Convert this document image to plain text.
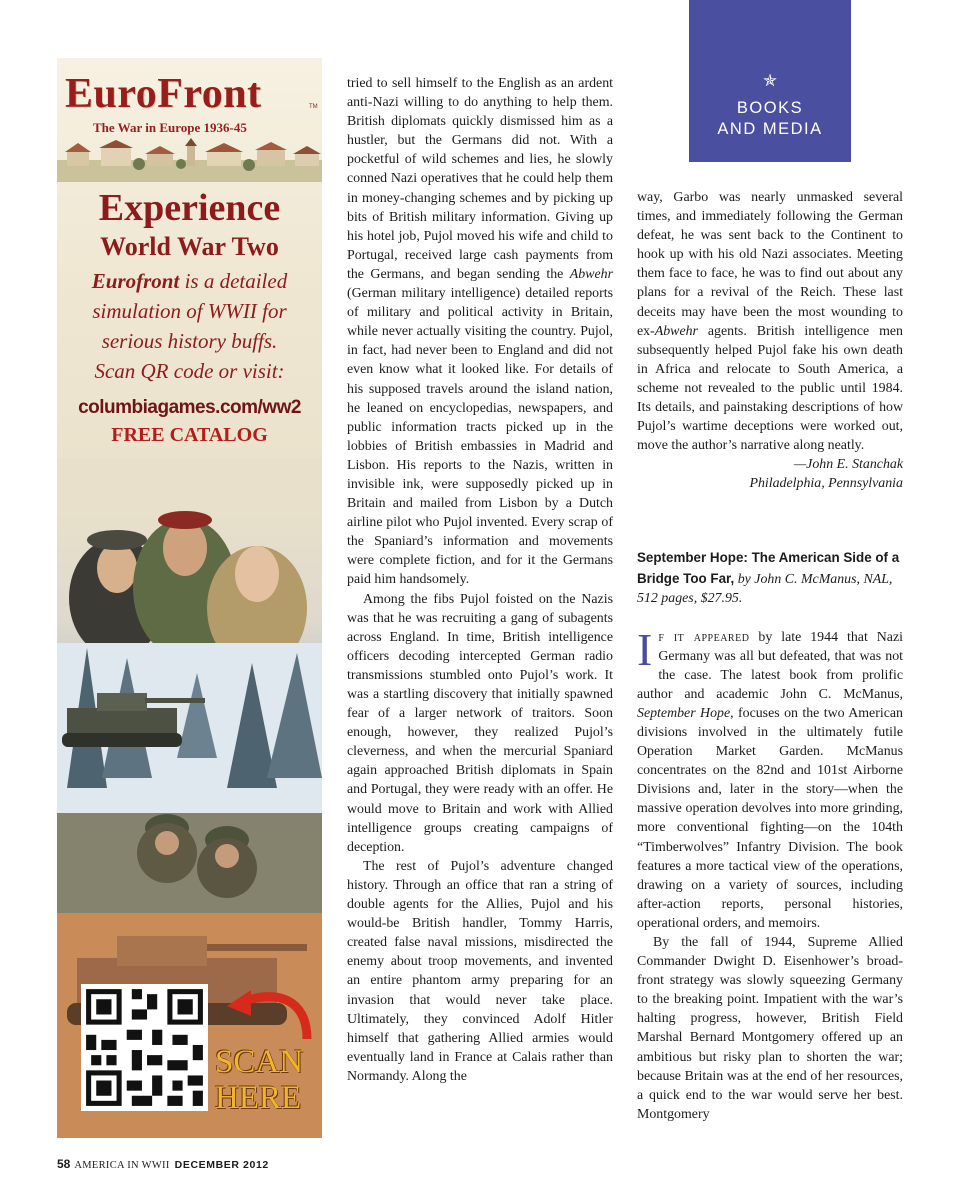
EuroFront	TM
The War in Europe 1936-45
Experience
World War Two
Eurofront is a detailed simulation of WWII for serious history buffs.
Scan QR code or visit:
columbiagames.com/ww2
FREE CATALOG
SCAN
HERE
✯
BOOKS
AND MEDIA

tried to sell himself to the English as an ardent anti-Nazi willing to do anything to help them. British diplomats quickly dismissed him as a hustler, but the Germans did not. With a pocketful of wild schemes and lies, he slowly conned Nazi operatives that he could help them in money-changing schemes and by picking up bits of British military information. Giving up his hotel job, Pujol moved his wife and child to Portugal, received large cash payments from the Germans, and began sending the Abwehr (German military intelligence) detailed reports of military and political activity in Britain, while never actually visiting the country. Pujol, in fact, had never been to England and did not even know what it looked like. For details of his supposed travels around the island nation, he leaned on encyclopedias, newspapers, and public information tracts picked up in the lobbies of British embassies in Madrid and Lisbon. His reports to the Nazis, written in invisible ink, were supposedly picked up in Britain and mailed from Lisbon by a Dutch airline pilot who Pujol invented. Every scrap of the Spaniard’s information and movements were complete fiction, and for it the Germans paid him handsomely.

Among the fibs Pujol foisted on the Nazis was that he was recruiting a gang of subagents across England. In time, British intelligence officers decoding intercepted German radio transmissions stumbled onto Pujol’s work. It was a startling discovery that initially spawned fear of a larger network of traitors. Soon enough, however, they realized Pujol’s cleverness, and when the mercurial Spaniard again approached British diplomats in Spain and Portugal, they were ready with an offer. He would move to Britain and work with Allied intelligence groups creating campaigns of deception.

The rest of Pujol’s adventure changed history. Through an office that ran a string of double agents for the Allies, Pujol and his would-be British handler, Tommy Harris, created false naval missions, misdirected the enemy about troop movements, and invented an entire phantom army preparing for an invasion that would never take place. Ultimately, they convinced Adolf Hitler himself that gathering Allied armies would eventually land in France at Calais rather than Normandy. Along the

way, Garbo was nearly unmasked several times, and immediately following the German defeat, he was sent back to the Continent to hook up with his old Nazi associates. Meeting them face to face, he was to find out about any plans for a revival of the Reich. These last deceits may have been the most wounding to ex-Abwehr agents. British intelligence men subsequently helped Pujol fake his own death in Africa and relocate to South America, a scheme not revealed to the public until 1984. Its details, and painstaking descriptions of how Pujol’s wartime deceptions were worked out, move the author’s narrative along neatly.

—John E. Stanchak

Philadelphia, Pennsylvania

September Hope: The American Side of a Bridge Too Far, by John C. McManus, NAL, 512 pages, $27.95.

If it appeared by late 1944 that Nazi Germany was all but defeated, that was not the case. The latest book from prolific author and academic John C. McManus, September Hope, focuses on the two American divisions involved in the ultimately futile Operation Market Garden. McManus concentrates on the 82nd and 101st Airborne Divisions and, later in the story—when the massive operation devolves into more grinding, more conventional fighting—on the 104th “Timberwolves” Infantry Division. The book features a more tactical view of the operations, drawing on a variety of sources, including after-action reports, personal histories, operational orders, and memoirs.

By the fall of 1944, Supreme Allied Commander Dwight D. Eisenhower’s broad-front strategy was slowly squeezing Germany to the breaking point. Impatient with the war’s halting progress, however, British Field Marshal Bernard Montgomery offered up an ambitious but risky plan to shorten the war; because Britain was at the end of her resources, a quick end to the war would serve her best. Montgomery

58 AMERICA IN WWII DECEMBER 2012
